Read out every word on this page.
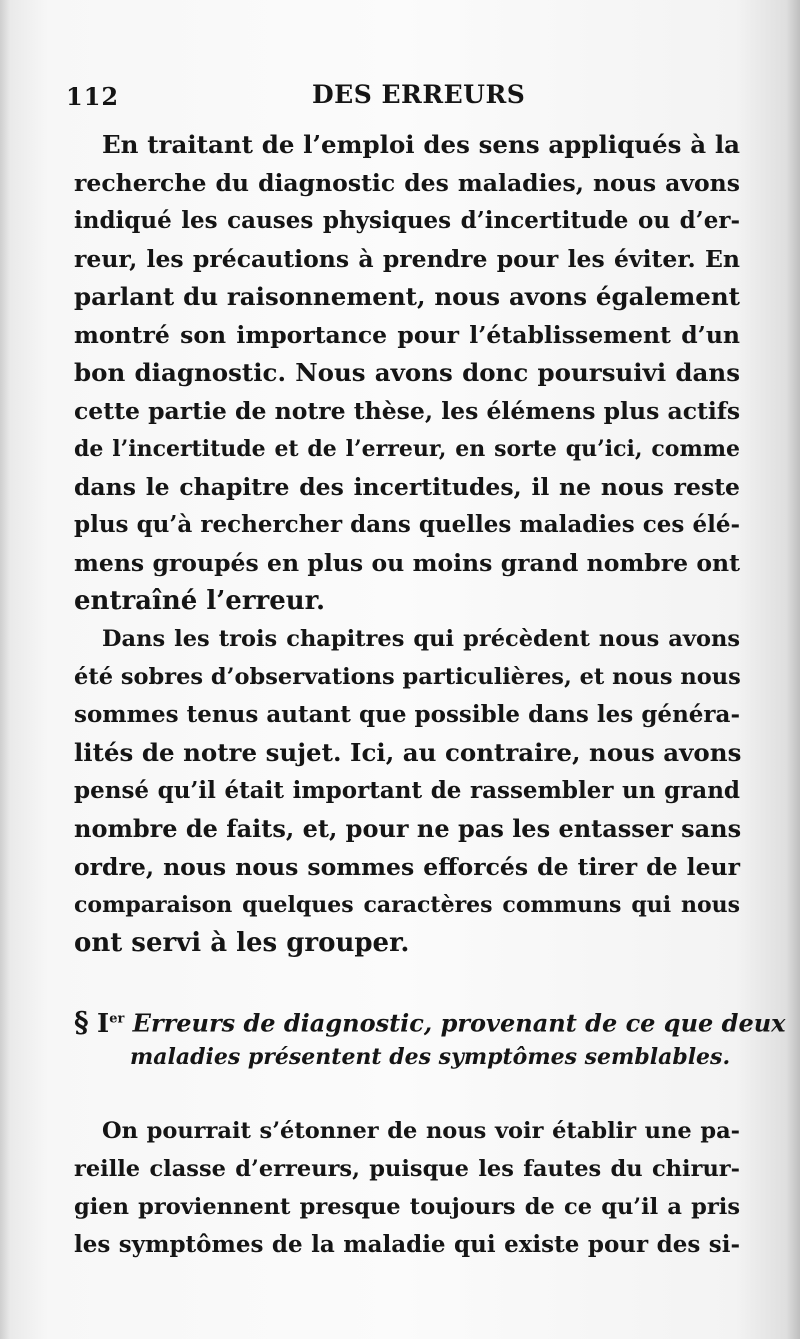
112	DES ERREURS
En traitant de l’emploi des sens appliqués à la
recherche du diagnostic des maladies, nous avons
indiqué les causes physiques d’incertitude ou d’er-
reur, les précautions à prendre pour les éviter. En
parlant du raisonnement, nous avons également
montré son importance pour l’établissement d’un
bon diagnostic. Nous avons donc poursuivi dans
cette partie de notre thèse, les élémens plus actifs
de l’incertitude et de l’erreur, en sorte qu’ici, comme
dans le chapitre des incertitudes, il ne nous reste
plus qu’à rechercher dans quelles maladies ces élé-
mens groupés en plus ou moins grand nombre ont
entraîné l’erreur.
Dans les trois chapitres qui précèdent nous avons
été sobres d’observations particulières, et nous nous
sommes tenus autant que possible dans les généra-
lités de notre sujet. Ici, au contraire, nous avons
pensé qu’il était important de rassembler un grand
nombre de faits, et, pour ne pas les entasser sans
ordre, nous nous sommes efforcés de tirer de leur
comparaison quelques caractères communs qui nous
ont servi à les grouper.
§ Ier Erreurs de diagnostic, provenant de ce que deux
maladies présentent des symptômes semblables.
On pourrait s’étonner de nous voir établir une pa-
reille classe d’erreurs, puisque les fautes du chirur-
gien proviennent presque toujours de ce qu’il a pris
les symptômes de la maladie qui existe pour des si-
